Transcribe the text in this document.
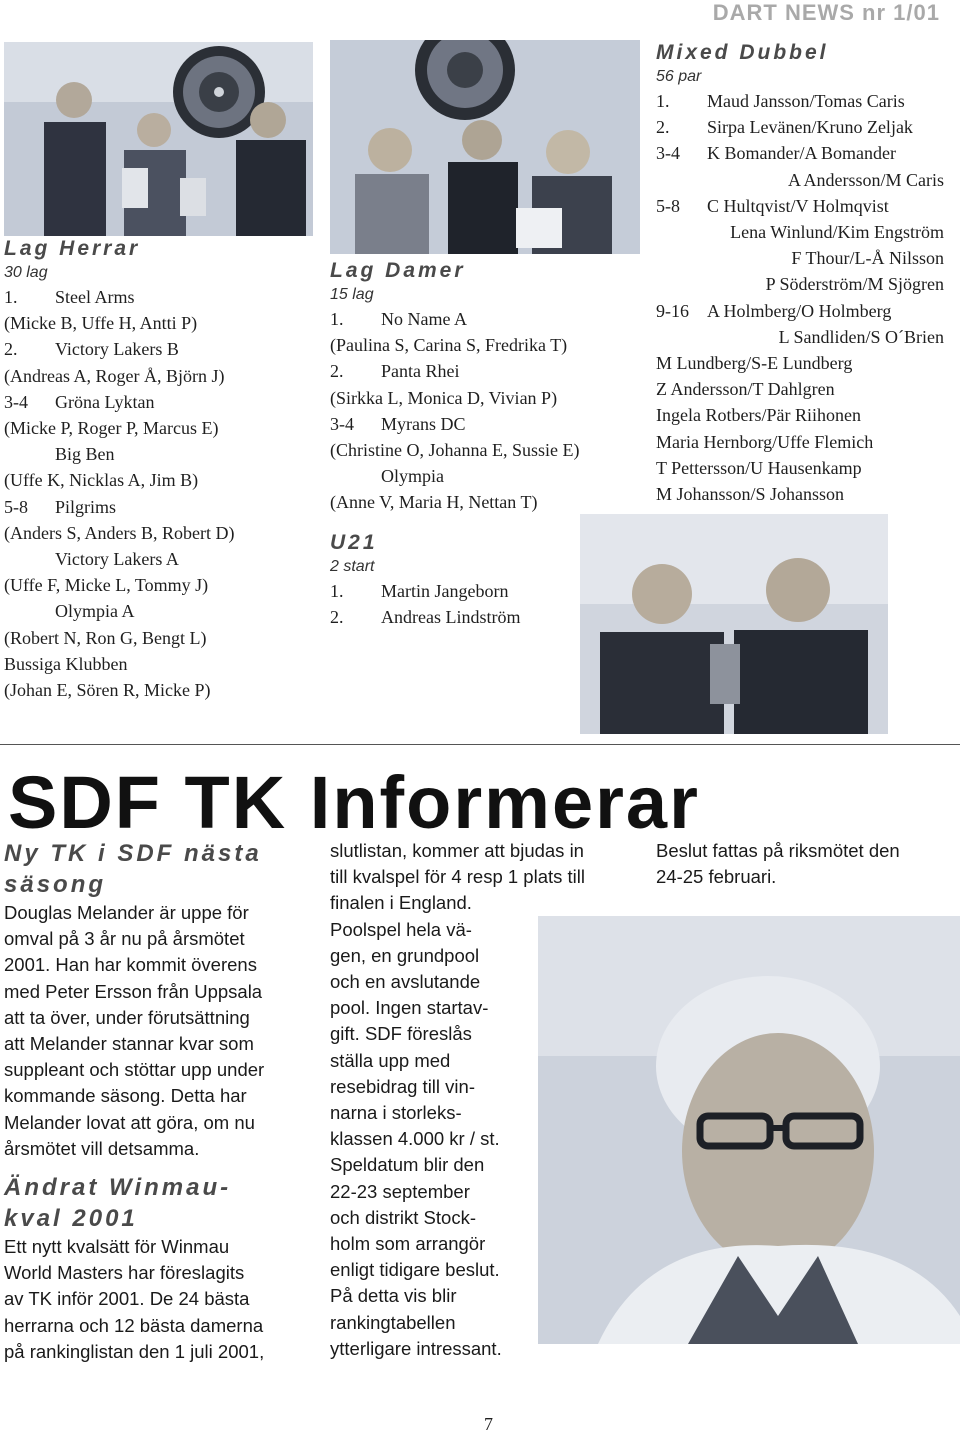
DART NEWS nr 1/01
Lag Herrar
30 lag
1. Steel Arms
(Micke B, Uffe H, Antti P)
2. Victory Lakers B
(Andreas A, Roger Å, Björn J)
3-4 Gröna Lyktan
(Micke P, Roger P, Marcus E)
Big Ben
(Uffe K, Nicklas A, Jim B)
5-8 Pilgrims
(Anders S, Anders B, Robert D)
Victory Lakers A
(Uffe F, Micke L, Tommy J)
Olympia A
(Robert N, Ron G, Bengt L)
Bussiga Klubben
(Johan E, Sören R, Micke P)
Lag Damer
15 lag
1. No Name A
(Paulina S, Carina S, Fredrika T)
2. Panta Rhei
(Sirkka L, Monica D, Vivian P)
3-4 Myrans DC
(Christine O, Johanna E, Sussie E)
Olympia
(Anne V, Maria H, Nettan T)
U21
2 start
1. Martin Jangeborn
2. Andreas Lindström
Mixed Dubbel
56 par
1. Maud Jansson/Tomas Caris
2. Sirpa Levänen/Kruno Zeljak
3-4 K Bomander/A Bomander
A Andersson/M Caris
5-8 C Hultqvist/V Holmqvist
Lena Winlund/Kim Engström
F Thour/L-Å Nilsson
P Söderström/M Sjögren
9-16 A Holmberg/O Holmberg
L Sandliden/S O´Brien
M Lundberg/S-E Lundberg
Z Andersson/T Dahlgren
Ingela Rotbers/Pär Riihonen
Maria Hernborg/Uffe Flemich
T Pettersson/U Hausenkamp
M Johansson/S Johansson
SDF TK Informerar
Ny TK i SDF nästa
säsong
Douglas Melander är uppe för
omval på 3 år nu på årsmötet
2001. Han har kommit överens
med Peter Ersson från Uppsala
att ta över, under förutsättning
att Melander stannar kvar som
suppleant och stöttar upp under
kommande säsong. Detta har
Melander lovat att göra, om nu
årsmötet vill detsamma.
Ändrat Winmau-
kval 2001
Ett nytt kvalsätt för Winmau
World Masters har föreslagits
av TK inför 2001. De 24 bästa
herrarna och 12 bästa damerna
på rankinglistan den 1 juli 2001,
slutlistan, kommer att bjudas in
till kvalspel för 4 resp 1 plats till
finalen i England.
Poolspel hela vä-
gen, en grundpool
och en avslutande
pool. Ingen startav-
gift. SDF föreslås
ställa upp med
resebidrag till vin-
narna i storleks-
klassen 4.000 kr / st.
Speldatum blir den
22-23 september
och distrikt Stock-
holm som arrangör
enligt tidigare beslut.
På detta vis blir
rankingtabellen
ytterligare intressant.
Beslut fattas på riksmötet den
24-25 februari.
7
